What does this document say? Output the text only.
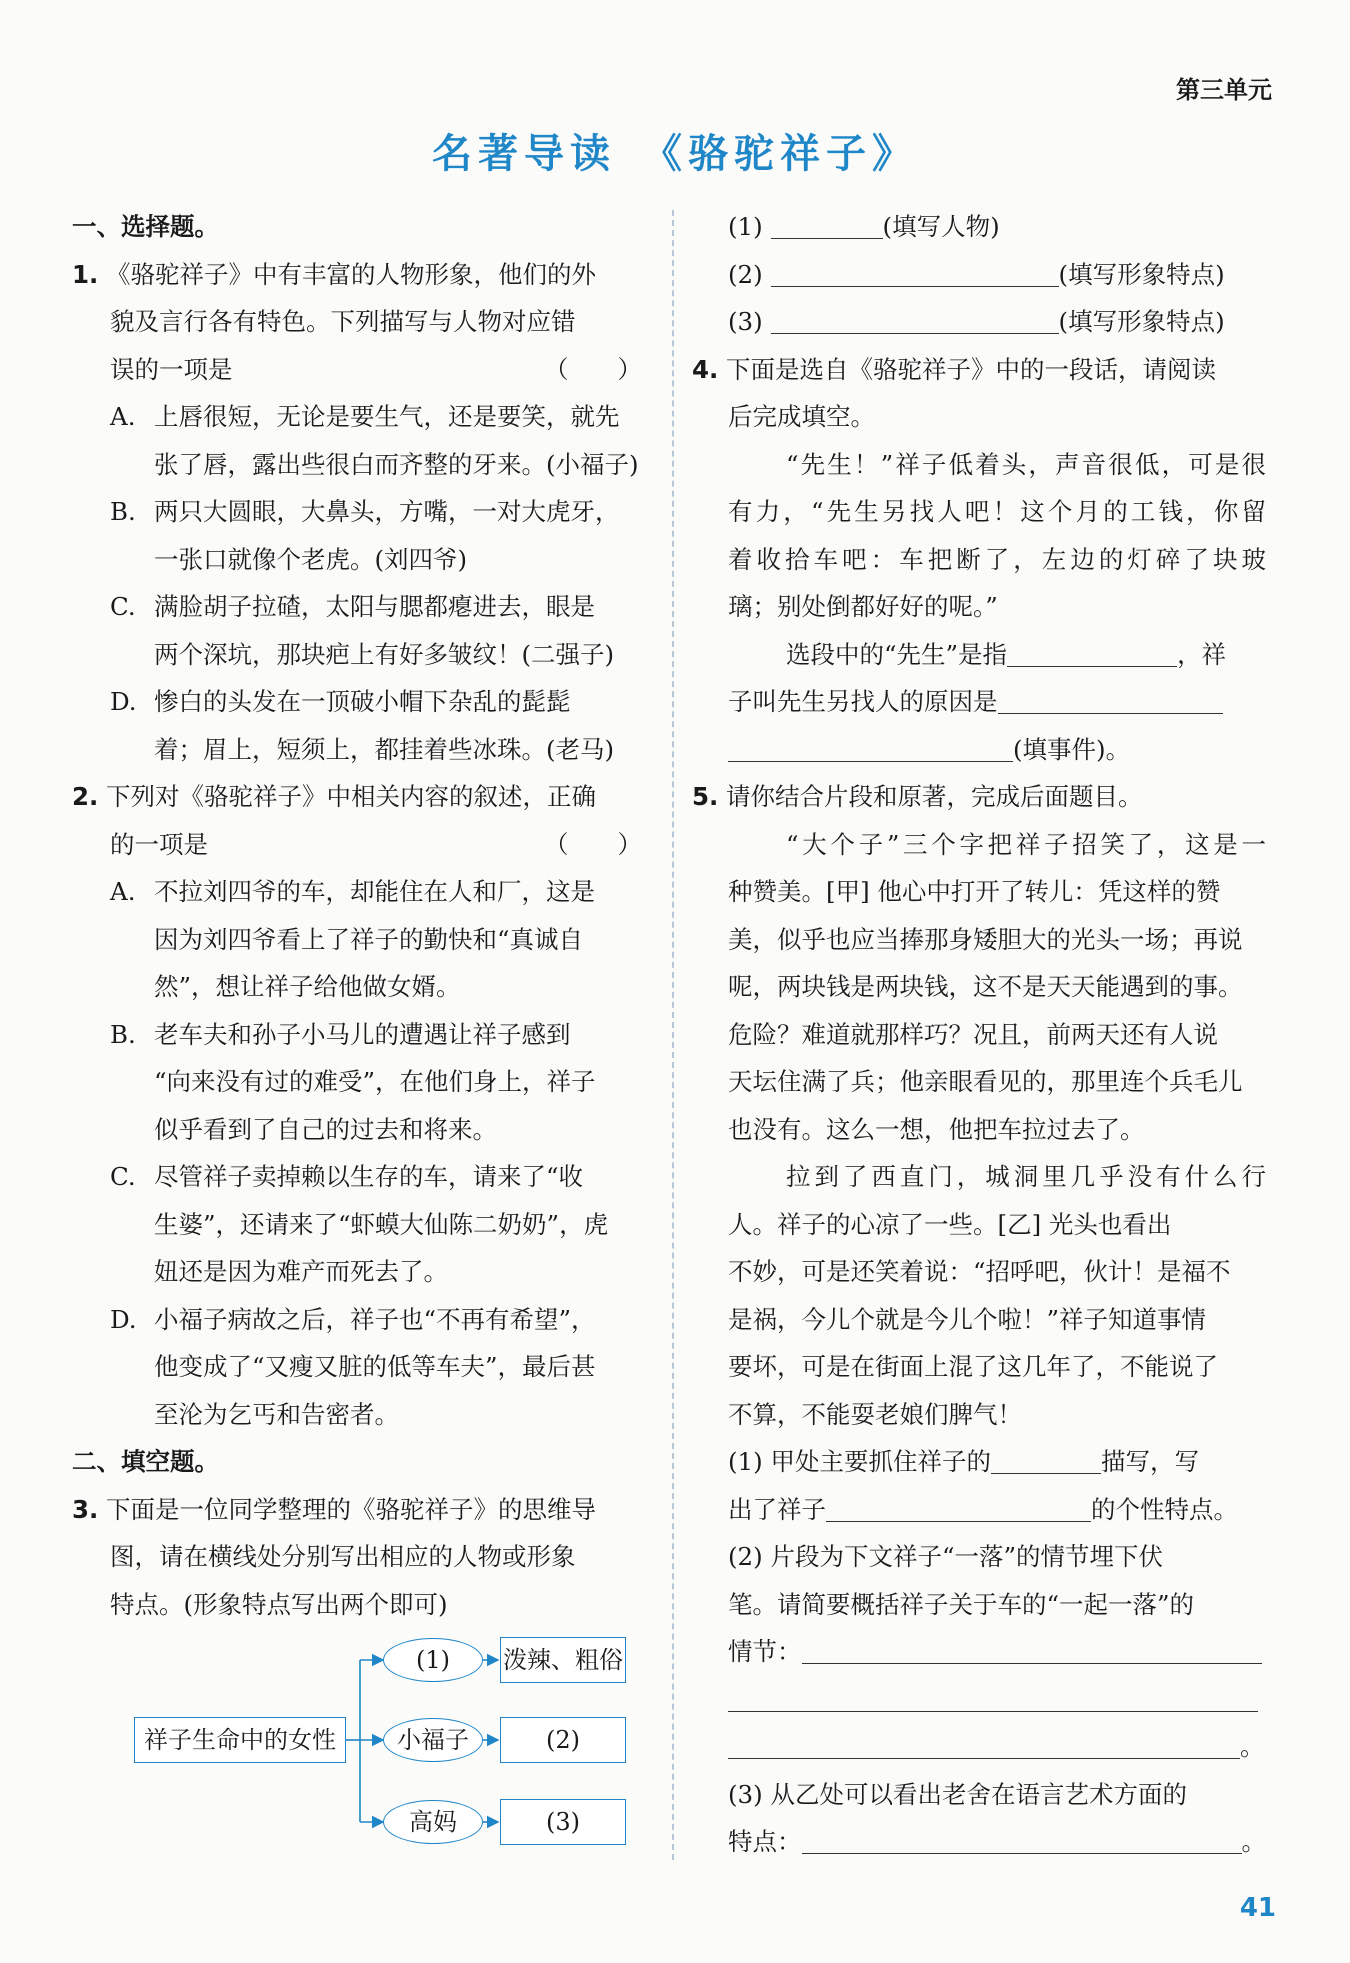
第三单元
名著导读　《骆驼祥子》
一、选择题。
1. 《骆驼祥子》中有丰富的人物形象，他们的外
貌及言行各有特色。下列描写与人物对应错
误的一项是	（　　）
A. 上唇很短，无论是要生气，还是要笑，就先
张了唇，露出些很白而齐整的牙来。(小福子)
B. 两只大圆眼，大鼻头，方嘴，一对大虎牙，
一张口就像个老虎。(刘四爷)
C. 满脸胡子拉碴，太阳与腮都瘪进去，眼是
两个深坑，那块疤上有好多皱纹！(二强子)
D. 惨白的头发在一顶破小帽下杂乱的髭髭
着；眉上，短须上，都挂着些冰珠。(老马)
2. 下列对《骆驼祥子》中相关内容的叙述，正确
的一项是	（　　）
A. 不拉刘四爷的车，却能住在人和厂，这是
因为刘四爷看上了祥子的勤快和“真诚自
然”，想让祥子给他做女婿。
B. 老车夫和孙子小马儿的遭遇让祥子感到
“向来没有过的难受”，在他们身上，祥子
似乎看到了自己的过去和将来。
C. 尽管祥子卖掉赖以生存的车，请来了“收
生婆”，还请来了“虾蟆大仙陈二奶奶”，虎
妞还是因为难产而死去了。
D. 小福子病故之后，祥子也“不再有希望”，
他变成了“又瘦又脏的低等车夫”，最后甚
至沦为乞丐和告密者。
二、填空题。
3. 下面是一位同学整理的《骆驼祥子》的思维导
图，请在横线处分别写出相应的人物或形象
特点。(形象特点写出两个即可)
祥子生命中的女性
(1)	泼辣、粗俗
小福子	(2)
高妈	(3)
(1)	(填写人物)
(2)	(填写形象特点)
(3)	(填写形象特点)
4. 下面是选自《骆驼祥子》中的一段话，请阅读
后完成填空。
“先生！”祥子低着头，声音很低，可是很
有力，“先生另找人吧！这个月的工钱，你留
着收拾车吧：车把断了，左边的灯碎了块玻
璃；别处倒都好好的呢。”
选段中的“先生”是指	，祥
子叫先生另找人的原因是
(填事件)。
5. 请你结合片段和原著，完成后面题目。
“大个子”三个字把祥子招笑了，这是一
种赞美。[甲] 他心中打开了转儿：凭这样的赞
美，似乎也应当捧那身矮胆大的光头一场；再说
呢，两块钱是两块钱，这不是天天能遇到的事。
危险？难道就那样巧？况且，前两天还有人说
天坛住满了兵；他亲眼看见的，那里连个兵毛儿
也没有。这么一想，他把车拉过去了。
拉到了西直门，城洞里几乎没有什么行
人。祥子的心凉了一些。[乙] 光头也看出
不妙，可是还笑着说：“招呼吧，伙计！是福不
是祸，今儿个就是今儿个啦！”祥子知道事情
要坏，可是在街面上混了这几年了，不能说了
不算，不能耍老娘们脾气！
(1) 甲处主要抓住祥子的	描写，写
出了祥子	的个性特点。
(2) 片段为下文祥子“一落”的情节埋下伏
笔。请简要概括祥子关于车的“一起一落”的
情节：
。
(3) 从乙处可以看出老舍在语言艺术方面的
特点：	。
41
